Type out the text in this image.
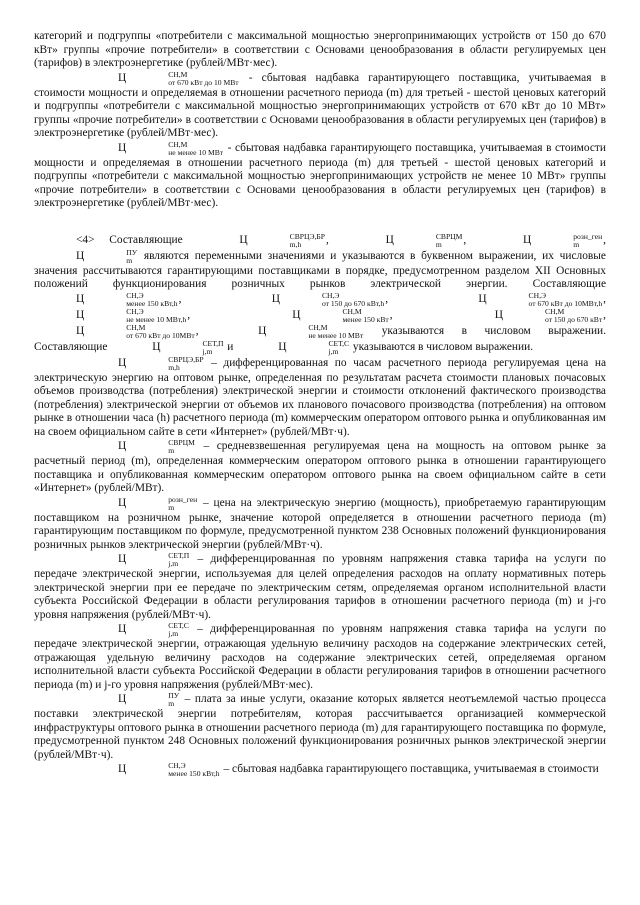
категорий и подгруппы «потребители с максимальной мощностью энергопринимающих устройств от 150 до 670 кВт» группы «прочие потребители» в соответствии с Основами ценообразования в области регулируемых цен (тарифов) в электроэнергетике (рублей/МВт·мес).

Ц	СН,М
от 670 кВт до 10 МВт - сбытовая надбавка гарантирующего поставщика, учитываемая в стоимости мощности и определяемая в отношении расчетного периода (m) для третьей - шестой ценовых категорий и подгруппы «потребители с максимальной мощностью энергопринимающих устройств от 670 кВт до 10 МВт» группы «прочие потребители» в соответствии с Основами ценообразования в области регулируемых цен (тарифов) в электроэнергетике (рублей/МВт·мес).

Ц	СН,М
не менее 10 МВт - сбытовая надбавка гарантирующего поставщика, учитываемая в стоимости мощности и определяемая в отношении расчетного периода (m) для третьей - шестой ценовых категорий и подгруппы «потребители с максимальной мощностью энергопринимающих устройств не менее 10 МВт» группы «прочие потребители» в соответствии с Основами ценообразования в области регулируемых цен (тарифов) в электроэнергетике (рублей/МВт·мес).

<4> Составляющие	Ц	СВРЦЭ,БР
m,h	,	Ц	СВРЦМ
m	,	Ц	розн_ген
m	, Ц	ПУ
m являются переменными значениями и указываются в буквенном выражении, их числовые значения рассчитываются гарантирующими поставщиками в порядке, предусмотренном разделом XII Основных положений функционирования розничных рынков электрической энергии. Составляющие Ц	СН,Э
менее 150 кВт,h ,	Ц	СН,Э
от 150 до 670 кВт,h ,	Ц	СН,Э
от 670 кВт до 10МВт,h , Ц	СН,Э
не менее 10 МВт,h ,	Ц	СН,М
менее 150 кВт ,	Ц	СН,М
от 150 до 670 кВт , Ц	СН,М
от 670 кВт до 10МВт ,	Ц	СН,М
не менее 10 МВт указываются в числовом выражении. Составляющие	Ц	СЕТ,П
j,m	и	Ц	СЕТ,С
j,m	указываются в числовом выражении.

Ц	СВРЦЭ,БР
m,h	– дифференцированная по часам расчетного периода регулируемая цена на электрическую энергию на оптовом рынке, определенная по результатам расчета стоимости плановых почасовых объемов производства (потребления) электрической энергии и стоимости отклонений фактического производства (потребления) электрической энергии от объемов их планового почасового производства (потребления) на оптовом рынке в отношении часа (h) расчетного периода (m) коммерческим оператором оптового рынка и опубликованная им на своем официальном сайте в сети «Интернет» (рублей/МВт·ч).

Ц	СВРЦМ
m	– средневзвешенная регулируемая цена на мощность на оптовом рынке за расчетный период (m), определенная коммерческим оператором оптового рынка в отношении гарантирующего поставщика и опубликованная коммерческим оператором оптового рынка на своем официальном сайте в сети «Интернет» (рублей/МВт).

Ц	розн_ген
m	– цена на электрическую энергию (мощность), приобретаемую гарантирующим поставщиком на розничном рынке, значение которой определяется в отношении расчетного периода (m) гарантирующим поставщиком по формуле, предусмотренной пунктом 238 Основных положений функционирования розничных рынков электрической энергии (рублей/МВт·ч).

Ц	СЕТ,П
j,m	– дифференцированная по уровням напряжения ставка тарифа на услуги по передаче электрической энергии, используемая для целей определения расходов на оплату нормативных потерь электрической энергии при ее передаче по электрическим сетям, определяемая органом исполнительной власти субъекта Российской Федерации в области регулирования тарифов в отношении расчетного периода (m) и j-го уровня напряжения (рублей/МВт·ч).

Ц	СЕТ,С
j,m	– дифференцированная по уровням напряжения ставка тарифа на услуги по передаче электрической энергии, отражающая удельную величину расходов на содержание электрических сетей, отражающая удельную величину расходов на содержание электрических сетей, определяемая органом исполнительной власти субъекта Российской Федерации в области регулирования тарифов в отношении расчетного периода (m) и j-го уровня напряжения (рублей/МВт·мес).

Ц	ПУ
m – плата за иные услуги, оказание которых является неотъемлемой частью процесса поставки электрической энергии потребителям, которая рассчитывается организацией коммерческой инфраструктуры оптового рынка в отношении расчетного периода (m) для гарантирующего поставщика по формуле, предусмотренной пунктом 248 Основных положений функционирования розничных рынков электрической энергии (рублей/МВт·ч).

Ц	СН,Э
менее 150 кВт,h – сбытовая надбавка гарантирующего поставщика, учитываемая в стоимости
